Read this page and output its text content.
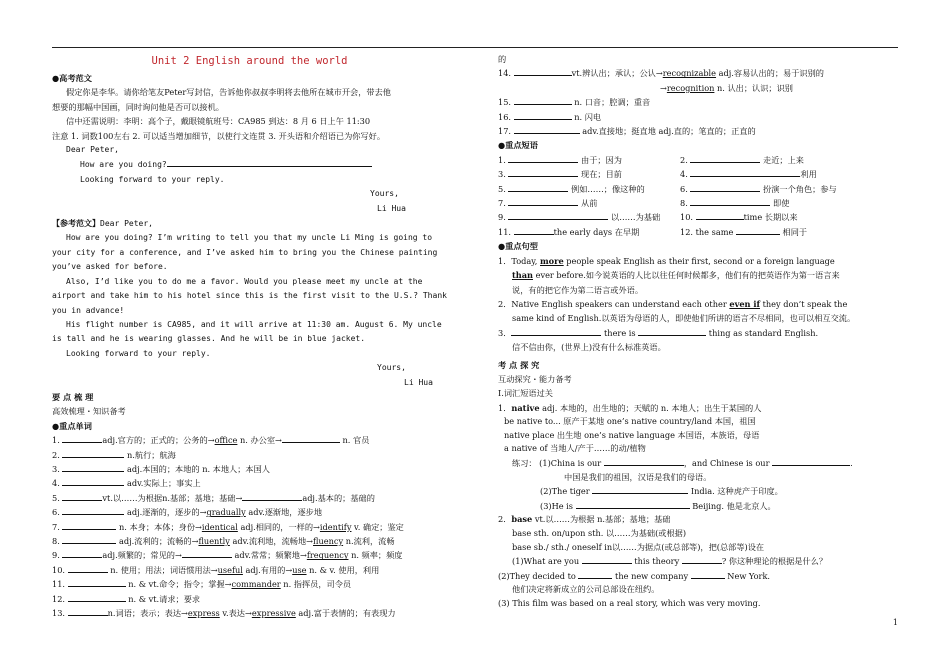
Unit 2 English around the world
●高考范文
假定你是李华。请你给笔友Peter写封信，告诉他你叔叔李明将去他所在城市开会，带去他
想要的那幅中国画，同时询问他是否可以接机。
信中还需说明：李明：高个子，戴眼镜航班号：CA985 到达：8 月 6 日上午 11:30
注意 1. 词数100左右 2. 可以适当增加细节，以使行文连贯 3. 开头语和介绍语已为你写好。
Dear Peter,
How are you doing?
Looking forward to your reply.
Yours,
Li Hua
【参考范文】Dear Peter,
How are you doing? I’m writing to tell you that my uncle Li Ming is going to
your city for a conference, and I’ve asked him to bring you the Chinese painting
you’ve asked for before.
Also, I’d like you to do me a favor. Would you please meet my uncle at the
airport and take him to his hotel since this is the first visit to the U.S.? Thank
you in advance!
His flight number is CA985, and it will arrive at 11:30 am. August 6. My uncle
is tall and he is wearing glasses. And he will be in blue jacket.
Looking forward to your reply.
Yours,
Li Hua
要 点 梳 理
高效梳理・知识备考
●重点单词
1.	adj.官方的；正式的；公务的→office n. 办公室→	n. 官员
2.	n.航行；航海
3.	adj.本国的；本地的 n. 本地人；本国人
4.	adv.实际上；事实上
5.	vt.以……为根据n.基部；基地；基础→	adj.基本的；基础的
6.	adj.逐渐的，逐步的→gradually adv.逐渐地，逐步地
7.	n. 本身；本体；身份→identical adj.相同的，一样的→identify v. 确定；鉴定
8.	adj.流利的；流畅的→fluently adv.流利地，流畅地→fluency n.流利，流畅
9.	adj.频繁的；常见的→	adv.常常；频繁地→frequency n. 频率；频度
10.	n. 使用；用法；词语惯用法→useful adj.有用的→use n. & v. 使用，利用
11.	n. & vt.命令；指令；掌握→commander n. 指挥员，司令员
12.	n. & vt.请求；要求
13.	n.词语；表示；表达→express v.表达→expressive adj.富于表情的；有表现力
的
14.	vt.辨认出；承认；公认→recognizable adj.容易认出的；易于识别的
→recognition n. 认出；认识；识别
15.	n. 口音；腔调；重音
16.	n. 闪电
17.	adv.直接地；挺直地 adj.直的；笔直的；正直的
●重点短语
1.	由于；因为	2.	走近；上来
3.	现在；目前	4.	利用
5.	例如……；像这种的	6.	扮演一个角色；参与
7.	从前	8.	即使
9.	以……为基础 10.	time 长期以来
11.	the early days 在早期	12. the same	相同于
●重点句型
1．Today, more people speak English as their first, second or a foreign language
than ever before.如今说英语的人比以往任何时候都多，他们有的把英语作为第一语言来
说，有的把它作为第二语言或外语。
2．Native English speakers can understand each other even if they don’t speak the
same kind of English.以英语为母语的人，即使他们所讲的语言不尽相同，也可以相互交流。
3．	there is	thing as standard English.
信不信由你，(世界上)没有什么标准英语。
考 点 探 究
互动探究・能力备考
Ⅰ.词汇短语过关
1．native adj. 本地的，出生地的；天赋的 n. 本地人；出生于某国的人
be native to... 原产于某地 one’s native country/land 本国，祖国
native place 出生地 one’s native language 本国语，本族语，母语
a native of 当地人/产于……的动/植物
练习： (1)China is our	，and Chinese is our	.
中国是我们的祖国，汉语是我们的母语。
(2)The tiger	India. 这种虎产于印度。
(3)He is	Beijing. 他是北京人。
2．base vt.以……为根据 n.基部；基地；基础
base sth. on/upon sth. 以……为基础(或根据)
base sb./ sth./ oneself in以……为据点(或总部等)，把(总部等)设在
(1)What are you	this theory	? 你这种理论的根据是什么？
(2)They decided to	the new company	New York.
他们决定将新成立的公司总部设在纽约。
(3) This film was based on a real story, which was very moving.
1
